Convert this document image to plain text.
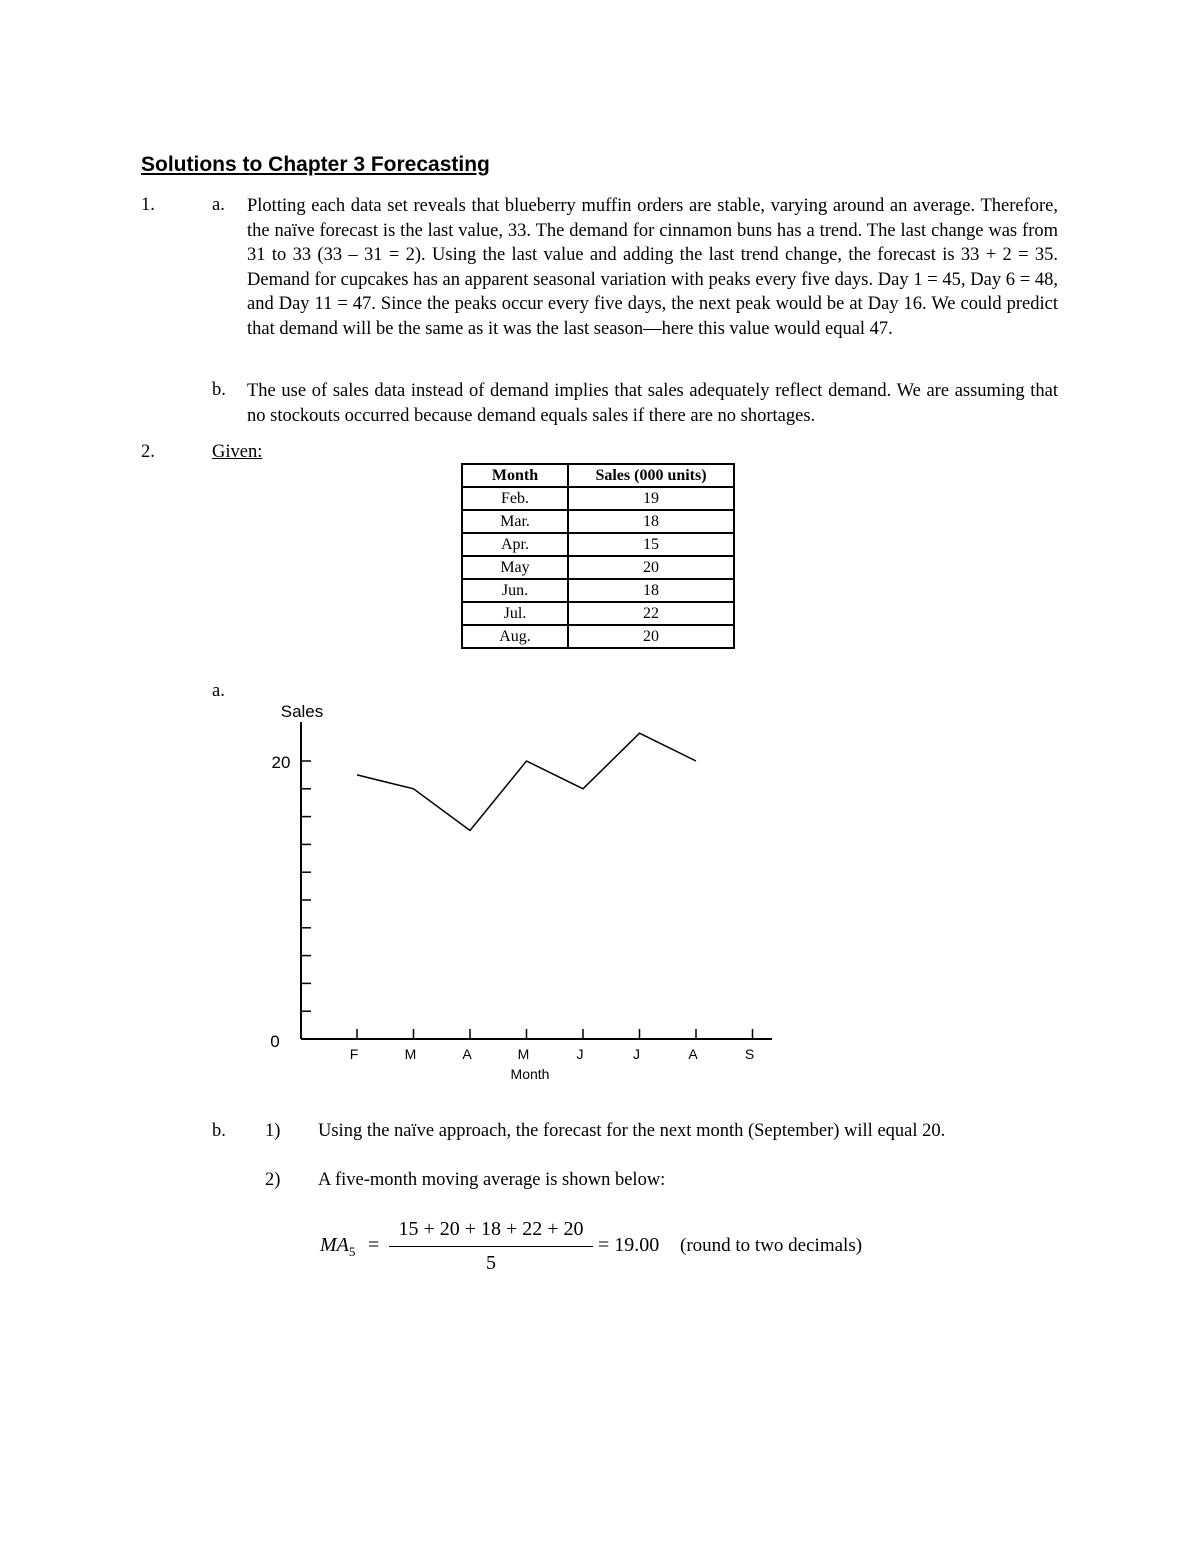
Solutions to Chapter 3 Forecasting
1.	a. Plotting each data set reveals that blueberry muffin orders are stable, varying around an average. Therefore, the naïve forecast is the last value, 33. The demand for cinnamon buns has a trend. The last change was from 31 to 33 (33 – 31 = 2). Using the last value and adding the last trend change, the forecast is 33 + 2 = 35. Demand for cupcakes has an apparent seasonal variation with peaks every five days. Day 1 = 45, Day 6 = 48, and Day 11 = 47. Since the peaks occur every five days, the next peak would be at Day 16. We could predict that demand will be the same as it was the last season—here this value would equal 47.

b. The use of sales data instead of demand implies that sales adequately reflect demand. We are assuming that no stockouts occurred because demand equals sales if there are no shortages.

2.	Given:
Month	Sales (000 units)
Feb.	19
Mar.	18
Apr.	15
May	20
Jun.	18
Jul.	22
Aug.	20
a.
Sales
Month
20
0
F	M	A	M	J	J	A	S
b. 1) Using the naïve approach, the forecast for the next month (September) will equal 20.
2) A five-month moving average is shown below:
$MA_5$ =
15 + 20 + 18 + 22 + 20
5
= 19.00 (round to two decimals)
